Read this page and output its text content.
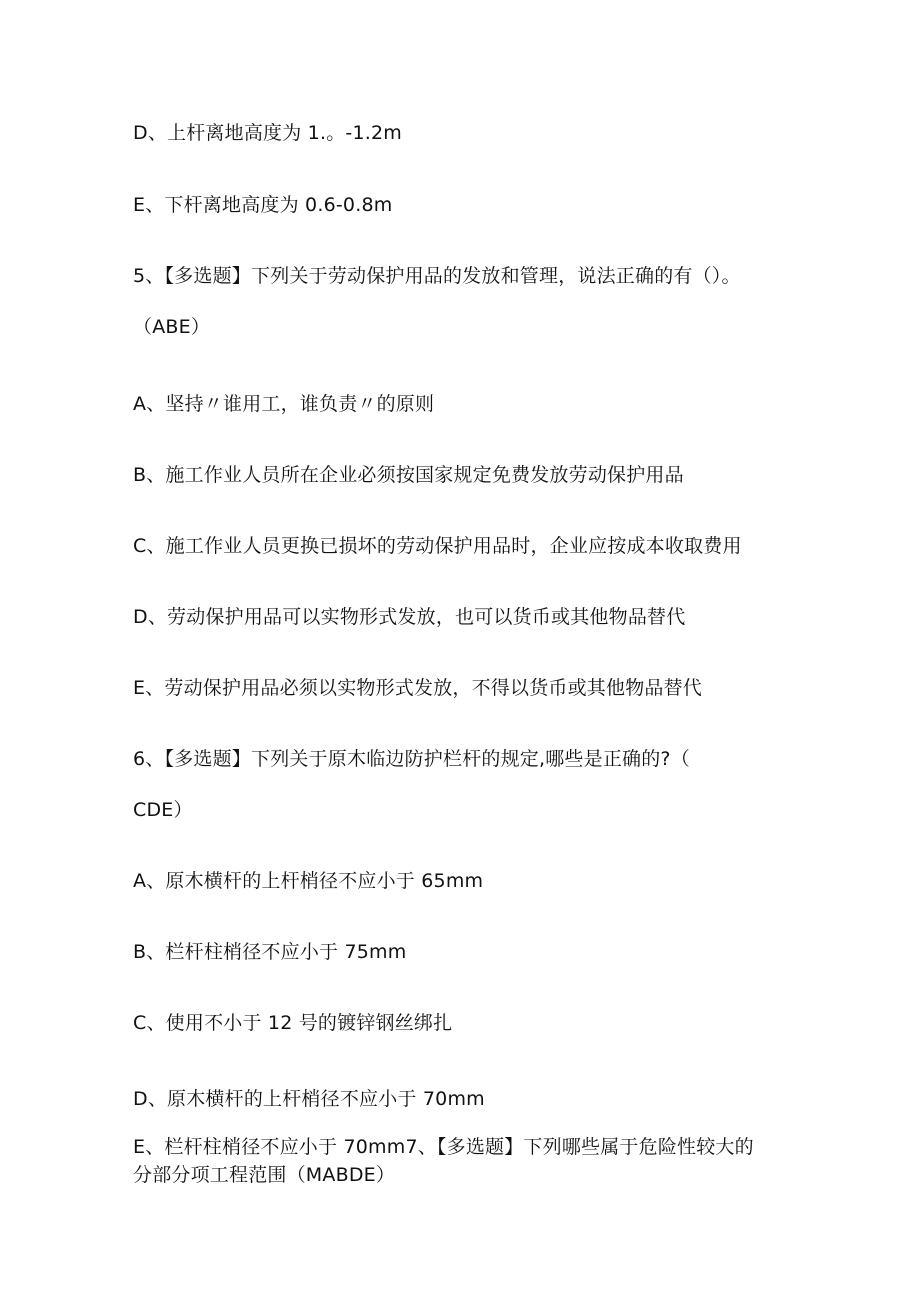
D、上杆离地高度为 1.。-1.2m
E、下杆离地高度为 0.6-0.8m
5、【多选题】下列关于劳动保护用品的发放和管理，说法正确的有（）。
（ABE）
A、坚持〃谁用工，谁负责〃的原则
B、施工作业人员所在企业必须按国家规定免费发放劳动保护用品
C、施工作业人员更换已损坏的劳动保护用品时，企业应按成本收取费用
D、劳动保护用品可以实物形式发放，也可以货币或其他物品替代
E、劳动保护用品必须以实物形式发放，不得以货币或其他物品替代
6、【多选题】下列关于原木临边防护栏杆的规定,哪些是正确的?（
CDE）
A、原木横杆的上杆梢径不应小于 65mm
B、栏杆柱梢径不应小于 75mm
C、使用不小于 12 号的镀锌钢丝绑扎
D、原木横杆的上杆梢径不应小于 70mm
E、栏杆柱梢径不应小于 70mm7、【多选题】下列哪些属于危险性较大的
分部分项工程范围（MABDE）
